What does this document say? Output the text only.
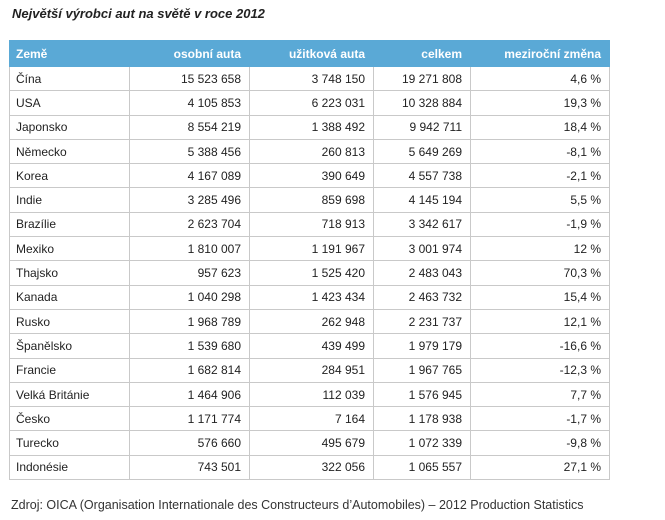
Největší výrobci aut na světě v roce 2012
Země	osobní auta	užitková auta	celkem	meziroční změna
Čína	15 523 658	3 748 150	19 271 808	4,6 %
USA	4 105 853	6 223 031	10 328 884	19,3 %
Japonsko	8 554 219	1 388 492	9 942 711	18,4 %
Německo	5 388 456	260 813	5 649 269	-8,1 %
Korea	4 167 089	390 649	4 557 738	-2,1 %
Indie	3 285 496	859 698	4 145 194	5,5 %
Brazílie	2 623 704	718 913	3 342 617	-1,9 %
Mexiko	1 810 007	1 191 967	3 001 974	12 %
Thajsko	957 623	1 525 420	2 483 043	70,3 %
Kanada	1 040 298	1 423 434	2 463 732	15,4 %
Rusko	1 968 789	262 948	2 231 737	12,1 %
Španělsko	1 539 680	439 499	1 979 179	-16,6 %
Francie	1 682 814	284 951	1 967 765	-12,3 %
Velká Británie	1 464 906	112 039	1 576 945	7,7 %
Česko	1 171 774	7 164	1 178 938	-1,7 %
Turecko	576 660	495 679	1 072 339	-9,8 %
Indonésie	743 501	322 056	1 065 557	27,1 %
Zdroj: OICA (Organisation Internationale des Constructeurs d’Automobiles) – 2012 Production Statistics
